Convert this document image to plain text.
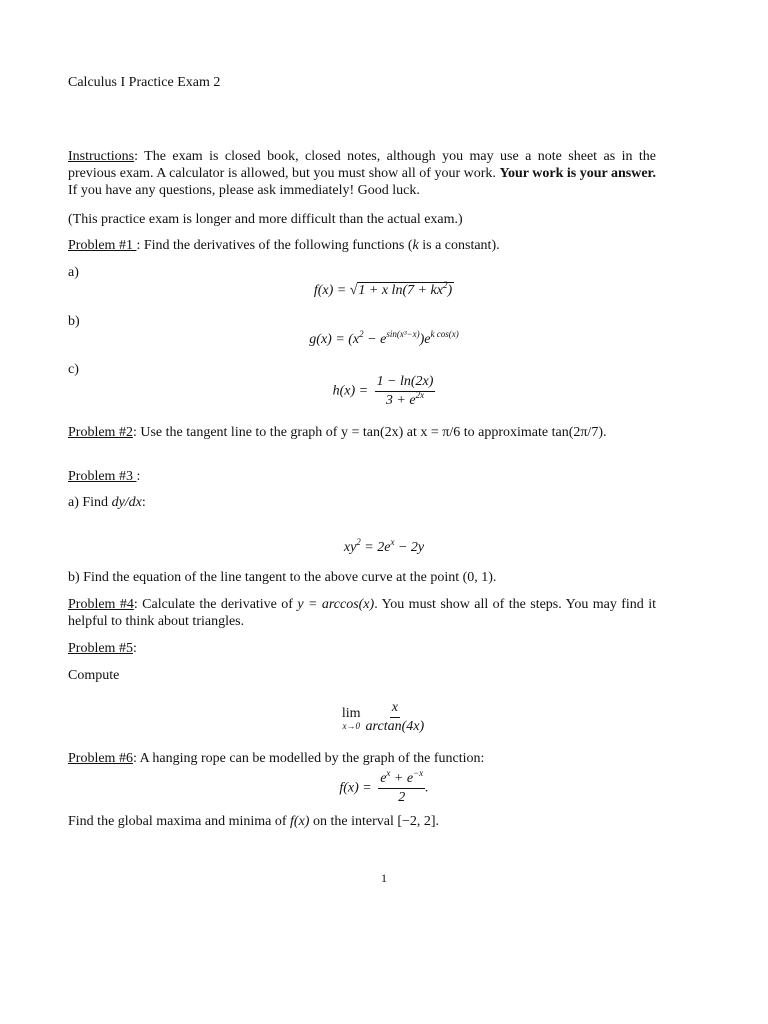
Calculus I Practice Exam 2

Instructions: The exam is closed book, closed notes, although you may use a note sheet as in the previous exam. A calculator is allowed, but you must show all of your work. Your work is your answer. If you have any questions, please ask immediately! Good luck.

(This practice exam is longer and more difficult than the actual exam.)

Problem #1 : Find the derivatives of the following functions (k is a constant).

a)

f(x) = √1 + x $\ln(7 + kx^2)$

b)

$g(x) = (x^2 - e^{sin(x^3-x)})e^{k cos(x)}$

c)

$h(x) = \frac{1 - \ln(2x)}{3 + e^{2x}}$

Problem #2: Use the tangent line to the graph of y = tan(2x) at x = π/6 to approximate tan(2π/7).

Problem #3 :

a) Find dy/dx:

$xy^2 = 2e^x - 2y$

b) Find the equation of the line tangent to the above curve at the point (0, 1).

Problem #4: Calculate the derivative of y = arccos(x). You must show all of the steps. You may find it helpful to think about triangles.

Problem #5:

Compute

lim
$x\to 0 \frac{x}{\arctan(4x)}$

Problem #6: A hanging rope can be modelled by the graph of the function:

$f(x) = \frac{e^x + e^{-x}}{2}$ .

Find the global maxima and minima of f(x) on the interval [−2, 2].

1
